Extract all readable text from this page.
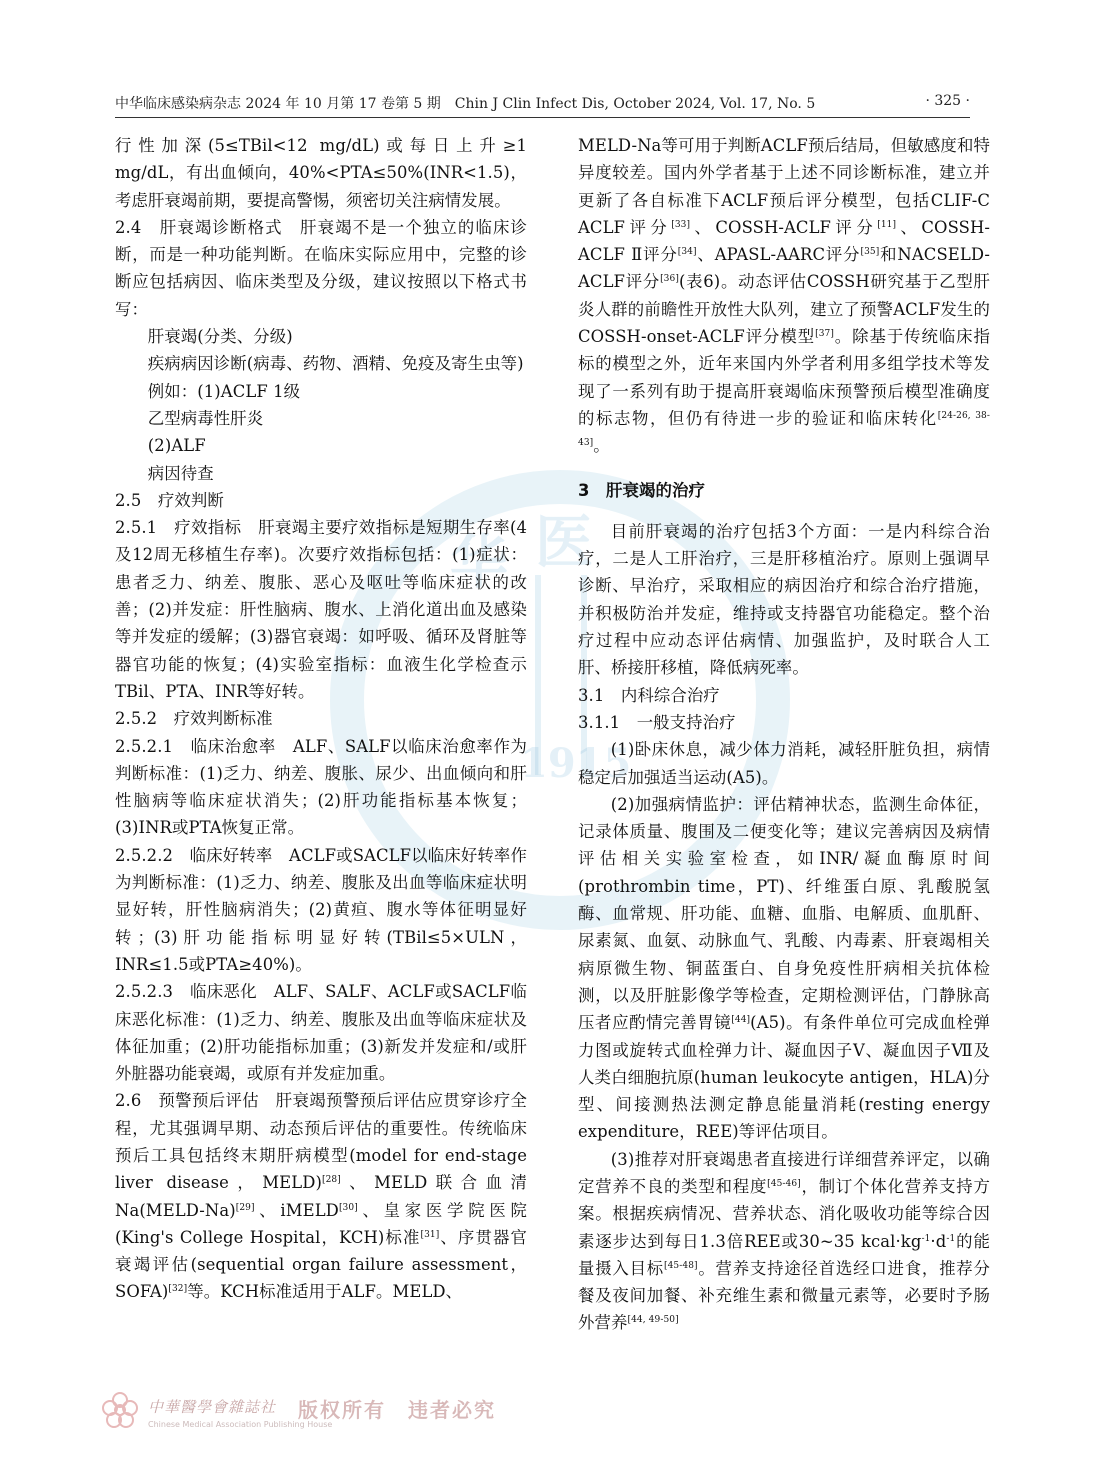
中华临床感染病杂志 2024 年 10 月第 17 卷第 5 期　Chin J Clin Infect Dis, October 2024, Vol. 17, No. 5	· 325 ·
华 医
1915

行性加深(5≤TBil<12 mg/dL)或每日上升≥1 mg/dL，有出血倾向，40%<PTA≤50%(INR<1.5)，考虑肝衰竭前期，要提高警惕，须密切关注病情发展。

2.4　肝衰竭诊断格式　肝衰竭不是一个独立的临床诊断，而是一种功能判断。在临床实际应用中，完整的诊断应包括病因、临床类型及分级，建议按照以下格式书写：

肝衰竭(分类、分级)

疾病病因诊断(病毒、药物、酒精、免疫及寄生虫等)

例如：(1)ACLF 1级

乙型病毒性肝炎

(2)ALF

病因待查

2.5　疗效判断

2.5.1　疗效指标　肝衰竭主要疗效指标是短期生存率(4及12周无移植生存率)。次要疗效指标包括：(1)症状：患者乏力、纳差、腹胀、恶心及呕吐等临床症状的改善；(2)并发症：肝性脑病、腹水、上消化道出血及感染等并发症的缓解；(3)器官衰竭：如呼吸、循环及肾脏等器官功能的恢复；(4)实验室指标：血液生化学检查示TBil、PTA、INR等好转。

2.5.2　疗效判断标准

2.5.2.1　临床治愈率　ALF、SALF以临床治愈率作为判断标准：(1)乏力、纳差、腹胀、尿少、出血倾向和肝性脑病等临床症状消失；(2)肝功能指标基本恢复；(3)INR或PTA恢复正常。

2.5.2.2　临床好转率　ACLF或SACLF以临床好转率作为判断标准：(1)乏力、纳差、腹胀及出血等临床症状明显好转，肝性脑病消失；(2)黄疸、腹水等体征明显好转；(3)肝功能指标明显好转(TBil≤5×ULN，INR≤1.5或PTA≥40%)。

2.5.2.3　临床恶化　ALF、SALF、ACLF或SACLF临床恶化标准：(1)乏力、纳差、腹胀及出血等临床症状及体征加重；(2)肝功能指标加重；(3)新发并发症和/或肝外脏器功能衰竭，或原有并发症加重。

2.6　预警预后评估　肝衰竭预警预后评估应贯穿诊疗全程，尤其强调早期、动态预后评估的重要性。传统临床预后工具包括终末期肝病模型(model for end-stage liver disease，MELD)[28]、MELD联合血清Na(MELD-Na)[29]、iMELD[30]、皇家医学院医院(King's College Hospital，KCH)标准[31]、序贯器官衰竭评估(sequential organ failure assessment，SOFA)[32]等。KCH标准适用于ALF。MELD、

MELD-Na等可用于判断ACLF预后结局，但敏感度和特异度较差。国内外学者基于上述不同诊断标准，建立并更新了各自标准下ACLF预后评分模型，包括CLIF-C ACLF评分[33]、COSSH-ACLF评分[11]、COSSH-ACLF Ⅱ评分[34]、APASL-AARC评分[35]和NACSELD-ACLF评分[36](表6)。动态评估COSSH研究基于乙型肝炎人群的前瞻性开放性大队列，建立了预警ACLF发生的COSSH-onset-ACLF评分模型[37]。除基于传统临床指标的模型之外，近年来国内外学者利用多组学技术等发现了一系列有助于提高肝衰竭临床预警预后模型准确度的标志物，但仍有待进一步的验证和临床转化[24-26, 38-43]。

3　肝衰竭的治疗

目前肝衰竭的治疗包括3个方面：一是内科综合治疗，二是人工肝治疗，三是肝移植治疗。原则上强调早诊断、早治疗，采取相应的病因治疗和综合治疗措施，并积极防治并发症，维持或支持器官功能稳定。整个治疗过程中应动态评估病情、加强监护，及时联合人工肝、桥接肝移植，降低病死率。

3.1　内科综合治疗

3.1.1　一般支持治疗

(1)卧床休息，减少体力消耗，减轻肝脏负担，病情稳定后加强适当运动(A5)。

(2)加强病情监护：评估精神状态，监测生命体征，记录体质量、腹围及二便变化等；建议完善病因及病情评估相关实验室检查，如INR/凝血酶原时间(prothrombin time，PT)、纤维蛋白原、乳酸脱氢酶、血常规、肝功能、血糖、血脂、电解质、血肌酐、尿素氮、血氨、动脉血气、乳酸、内毒素、肝衰竭相关病原微生物、铜蓝蛋白、自身免疫性肝病相关抗体检测，以及肝脏影像学等检查，定期检测评估，门静脉高压者应酌情完善胃镜[44](A5)。有条件单位可完成血栓弹力图或旋转式血栓弹力计、凝血因子Ⅴ、凝血因子Ⅶ及人类白细胞抗原(human leukocyte antigen，HLA)分型、间接测热法测定静息能量消耗(resting energy expenditure，REE)等评估项目。

(3)推荐对肝衰竭患者直接进行详细营养评定，以确定营养不良的类型和程度[45-46]，制订个体化营养支持方案。根据疾病情况、营养状态、消化吸收功能等综合因素逐步达到每日1.3倍REE或30~35 $kcal\cdot kg^{-1}\cdot d^{-1}$的能量摄入目标[45-48]。营养支持途径首选经口进食，推荐分餐及夜间加餐、补充维生素和微量元素等，必要时予肠外营养[44, 49-50]

中華醫學會雜誌社
Chinese Medical Association Publishing House
版权所有　违者必究
